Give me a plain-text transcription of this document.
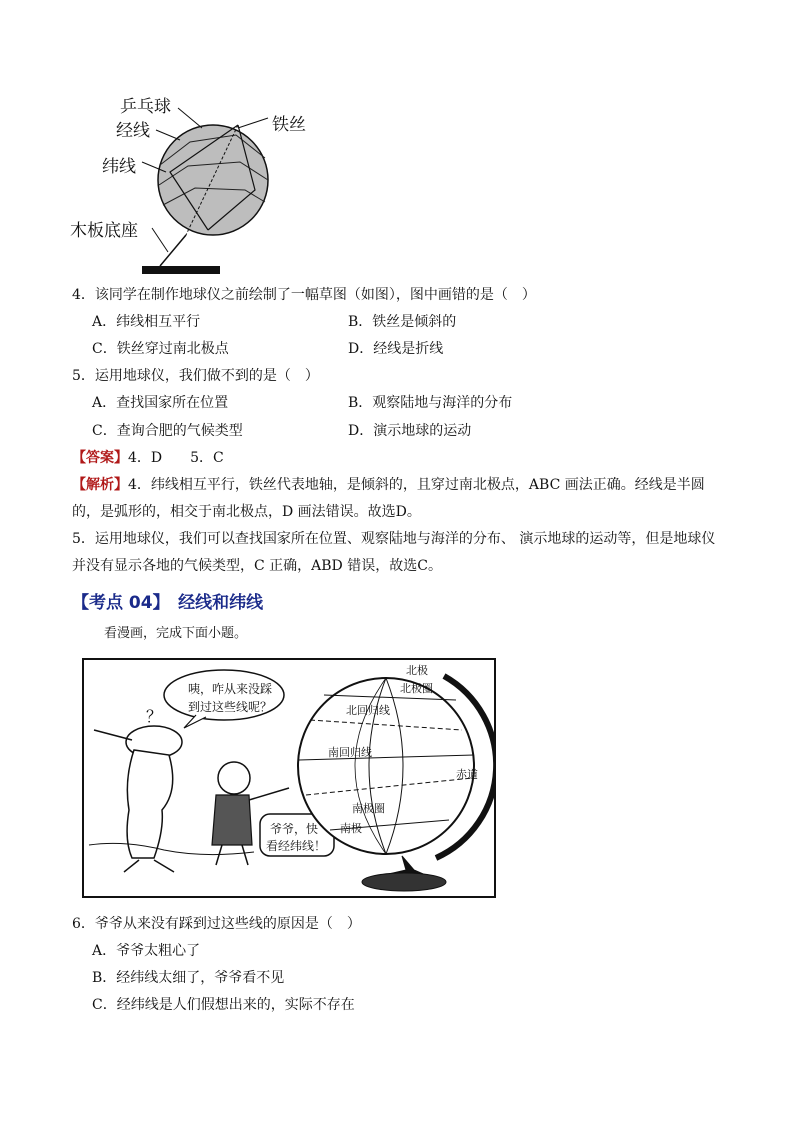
乒乓球
经线	铁丝
纬线
木板底座
4．该同学在制作地球仪之前绘制了一幅草图（如图），图中画错的是（　）
A．纬线相互平行	B．铁丝是倾斜的
C．铁丝穿过南北极点	D．经线是折线
5．运用地球仪，我们做不到的是（　）
A．查找国家所在位置	B．观察陆地与海洋的分布
C．查询合肥的气候类型	D．演示地球的运动
【答案】4．D　　5．C
【解析】4．纬线相互平行，铁丝代表地轴，是倾斜的，且穿过南北极点，ABC 画法正确。经线是半圆
的，是弧形的，相交于南北极点，D 画法错误。故选D。
5．运用地球仪，我们可以查找国家所在位置、观察陆地与海洋的分布、 演示地球的运动等，但是地球仪
并没有显示各地的气候类型，C 正确，ABD 错误，故选C。
【考点 04】　经线和纬线
看漫画，完成下面小题。
咦，咋从来没踩
到过这些线呢？
？
爷爷，快
看经纬线！
北极
北极圈
北回归线
南回归线
赤道
南极圈
南极
6．爷爷从来没有踩到过这些线的原因是（　）
A．爷爷太粗心了
B．经纬线太细了，爷爷看不见
C．经纬线是人们假想出来的，实际不存在
